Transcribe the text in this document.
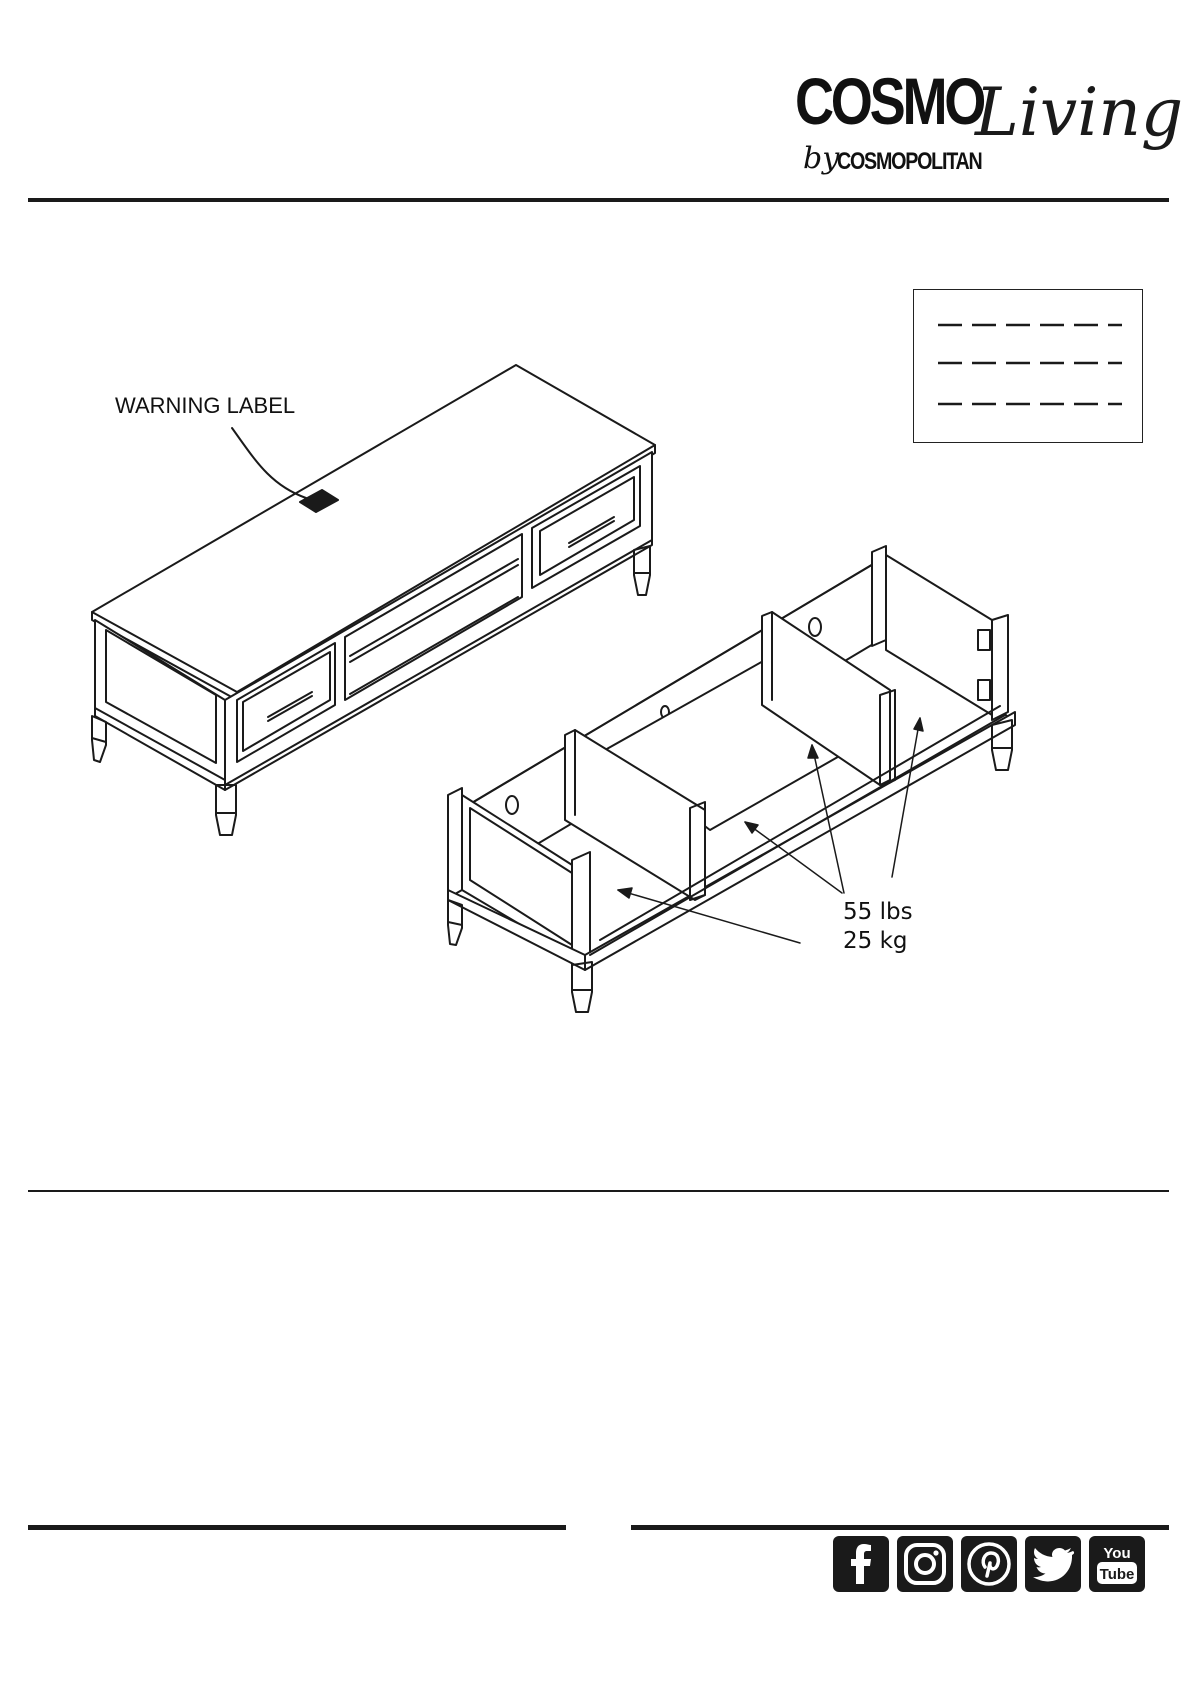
COSMO
Living
by
COSMOPOLITAN
WARNING LABEL
55 lbs
25 kg
You
Tube
